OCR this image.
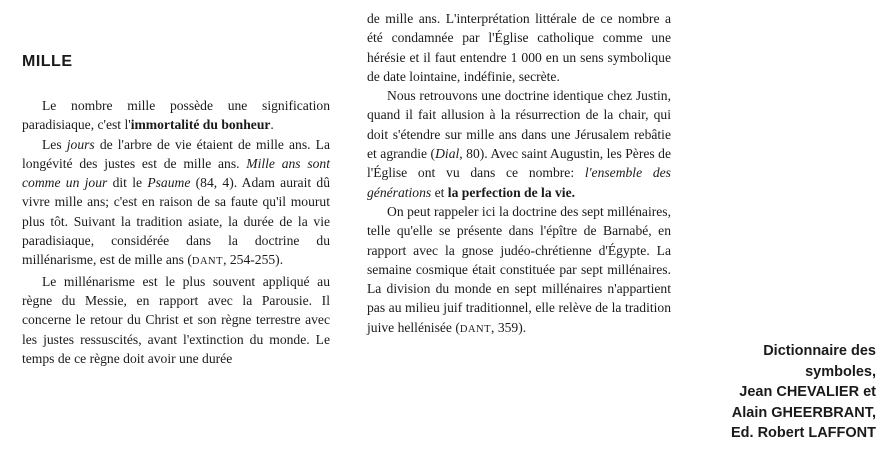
MILLE

Le nombre mille possède une signification paradisiaque, c'est l'immortalité du bonheur.

Les jours de l'arbre de vie étaient de mille ans. La longévité des justes est de mille ans. Mille ans sont comme un jour dit le Psaume (84, 4). Adam aurait dû vivre mille ans; c'est en raison de sa faute qu'il mourut plus tôt. Suivant la tradition asiate, la durée de la vie paradisiaque, considérée dans la doctrine du millénarisme, est de mille ans (DANT, 254-255).

Le millénarisme est le plus souvent appliqué au règne du Messie, en rapport avec la Parousie. Il concerne le retour du Christ et son règne terrestre avec les justes ressuscités, avant l'extinction du monde. Le temps de ce règne doit avoir une durée

de mille ans. L'interprétation littérale de ce nombre a été condamnée par l'Église catholique comme une hérésie et il faut entendre 1 000 en un sens symbolique de date lointaine, indéfinie, secrète.

Nous retrouvons une doctrine identique chez Justin, quand il fait allusion à la résurrection de la chair, qui doit s'étendre sur mille ans dans une Jérusalem rebâtie et agrandie (Dial, 80). Avec saint Augustin, les Pères de l'Église ont vu dans ce nombre: l'ensemble des générations et la perfection de la vie.

On peut rappeler ici la doctrine des sept millénaires, telle qu'elle se présente dans l'épître de Barnabé, en rapport avec la gnose judéo-chrétienne d'Égypte. La semaine cosmique était constituée par sept millénaires. La division du monde en sept millénaires n'appartient pas au milieu juif traditionnel, elle relève de la tradition juive hellénisée (DANT, 359).

Dictionnaire des
symboles,
Jean CHEVALIER et
Alain GHEERBRANT,
Ed. Robert LAFFONT
